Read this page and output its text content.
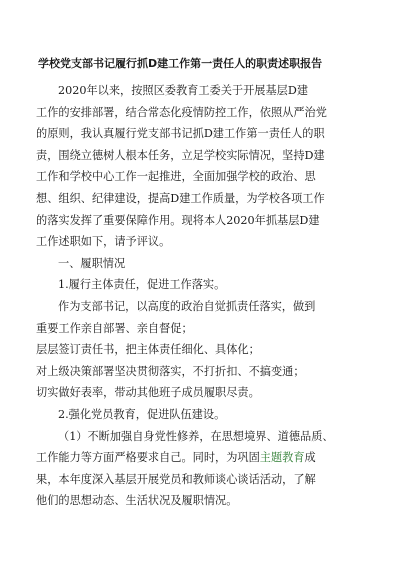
学校党支部书记履行抓D建工作第一责任人的职责述职报告
2020年以来，按照区委教育工委关于开展基层D建
工作的安排部署，结合常态化疫情防控工作，依照从严治党
的原则，我认真履行党支部书记抓D建工作第一责任人的职
责，围绕立德树人根本任务，立足学校实际情况，坚持D建
工作和学校中心工作一起推进，全面加强学校的政治、思
想、组织、纪律建设，提高D建工作质量，为学校各项工作
的落实发挥了重要保障作用。现将本人2020年抓基层D建
工作述职如下，请予评议。
一、履职情况
1.履行主体责任，促进工作落实。
作为支部书记，以高度的政治自觉抓责任落实，做到
重要工作亲自部署、亲自督促；
层层签订责任书，把主体责任细化、具体化；
对上级决策部署坚决贯彻落实，不打折扣、不搞变通；
切实做好表率，带动其他班子成员履职尽责。
2.强化党员教育，促进队伍建设。
（1）不断加强自身党性修养，在思想境界、道德品质、
工作能力等方面严格要求自己。同时，为巩固主题教育成
果，本年度深入基层开展党员和教师谈心谈话活动，了解
他们的思想动态、生活状况及履职情况。
